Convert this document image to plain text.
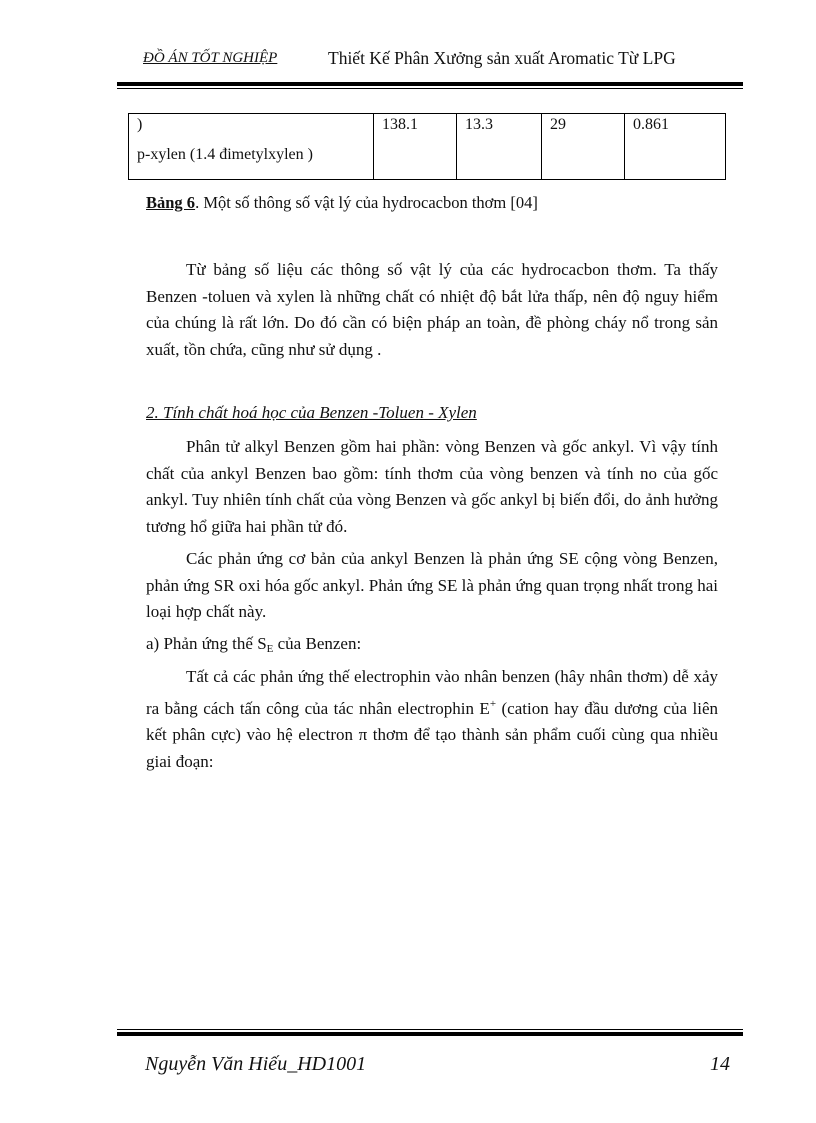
ĐỒ ÁN TỐT NGHIỆP	Thiết Kế Phân Xưởng sản xuất Aromatic Từ LPG
)
p-xylen (1.4 đimetylxylen )
	138.1	13.3	29	0.861
Bảng 6. Một số thông số vật lý của hydrocacbon thơm [04]
Từ bảng số liệu các thông số vật lý của các hydrocacbon thơm. Ta thấy Benzen -toluen và xylen là những chất có nhiệt độ bắt lửa thấp, nên độ nguy hiểm của chúng là rất lớn. Do đó cần có biện pháp an toàn, đề phòng cháy nổ trong sản xuất, tồn chứa, cũng như sử dụng .
2. Tính chất hoá học của Benzen -Toluen - Xylen
Phân tử alkyl Benzen gồm hai phần: vòng Benzen và gốc ankyl. Vì vậy tính chất của ankyl Benzen bao gồm: tính thơm của vòng benzen và tính no của gốc ankyl. Tuy nhiên tính chất của vòng Benzen và gốc ankyl bị biến đổi, do ảnh hưởng tương hổ giữa hai phần tử đó.
Các phản ứng cơ bản của ankyl Benzen là phản ứng SE cộng vòng Benzen, phản ứng SR oxi hóa gốc ankyl. Phản ứng SE là phản ứng quan trọng nhất trong hai loại hợp chất này.
a) Phản ứng thế $S_E$ của Benzen:
Tất cả các phản ứng thế electrophin vào nhân benzen (hây nhân thơm) dễ xảy ra bằng cách tấn công của tác nhân electrophin E+ (cation hay đầu dương của liên kết phân cực) vào hệ electron π thơm để tạo thành sản phẩm cuối cùng qua nhiều giai đoạn:
Nguyễn Văn Hiếu_HD1001	14
